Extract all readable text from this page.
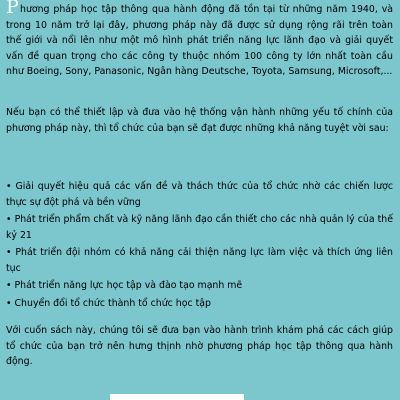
P hương pháp học tập thông qua hành động đã tồn tại từ những năm 1940, và trong 10 năm trở lại đây, phương pháp này đã được sử dụng rộng rãi trên toàn thế giới và nổi lên như một mô hình phát triển năng lực lãnh đạo và giải quyết vấn đề quan trọng cho các công ty thuộc nhóm 100 công ty lớn nhất toàn cầu như Boeing, Sony, Panasonic, Ngân hàng Deutsche, Toyota, Samsung, Microsoft,...

Nếu bạn có thể thiết lập và đưa vào hệ thống vận hành những yếu tố chính của phương pháp này, thì tổ chức của bạn sẽ đạt được những khả năng tuyệt vời sau:

• Giải quyết hiệu quả các vấn đề và thách thức của tổ chức nhờ các chiến lược thực sự đột phá và bền vững

• Phát triển phẩm chất và kỹ năng lãnh đạo cần thiết cho các nhà quản lý của thế kỷ 21

• Phát triển đội nhóm có khả năng cải thiện năng lực làm việc và thích ứng liên tục

• Phát triển năng lực học tập và đào tạo mạnh mẽ

• Chuyển đổi tổ chức thành tổ chức học tập

Với cuốn sách này, chúng tôi sẽ đưa bạn vào hành trình khám phá các cách giúp tổ chức của bạn trở nên hưng thịnh nhờ phương pháp học tập thông qua hành động.
